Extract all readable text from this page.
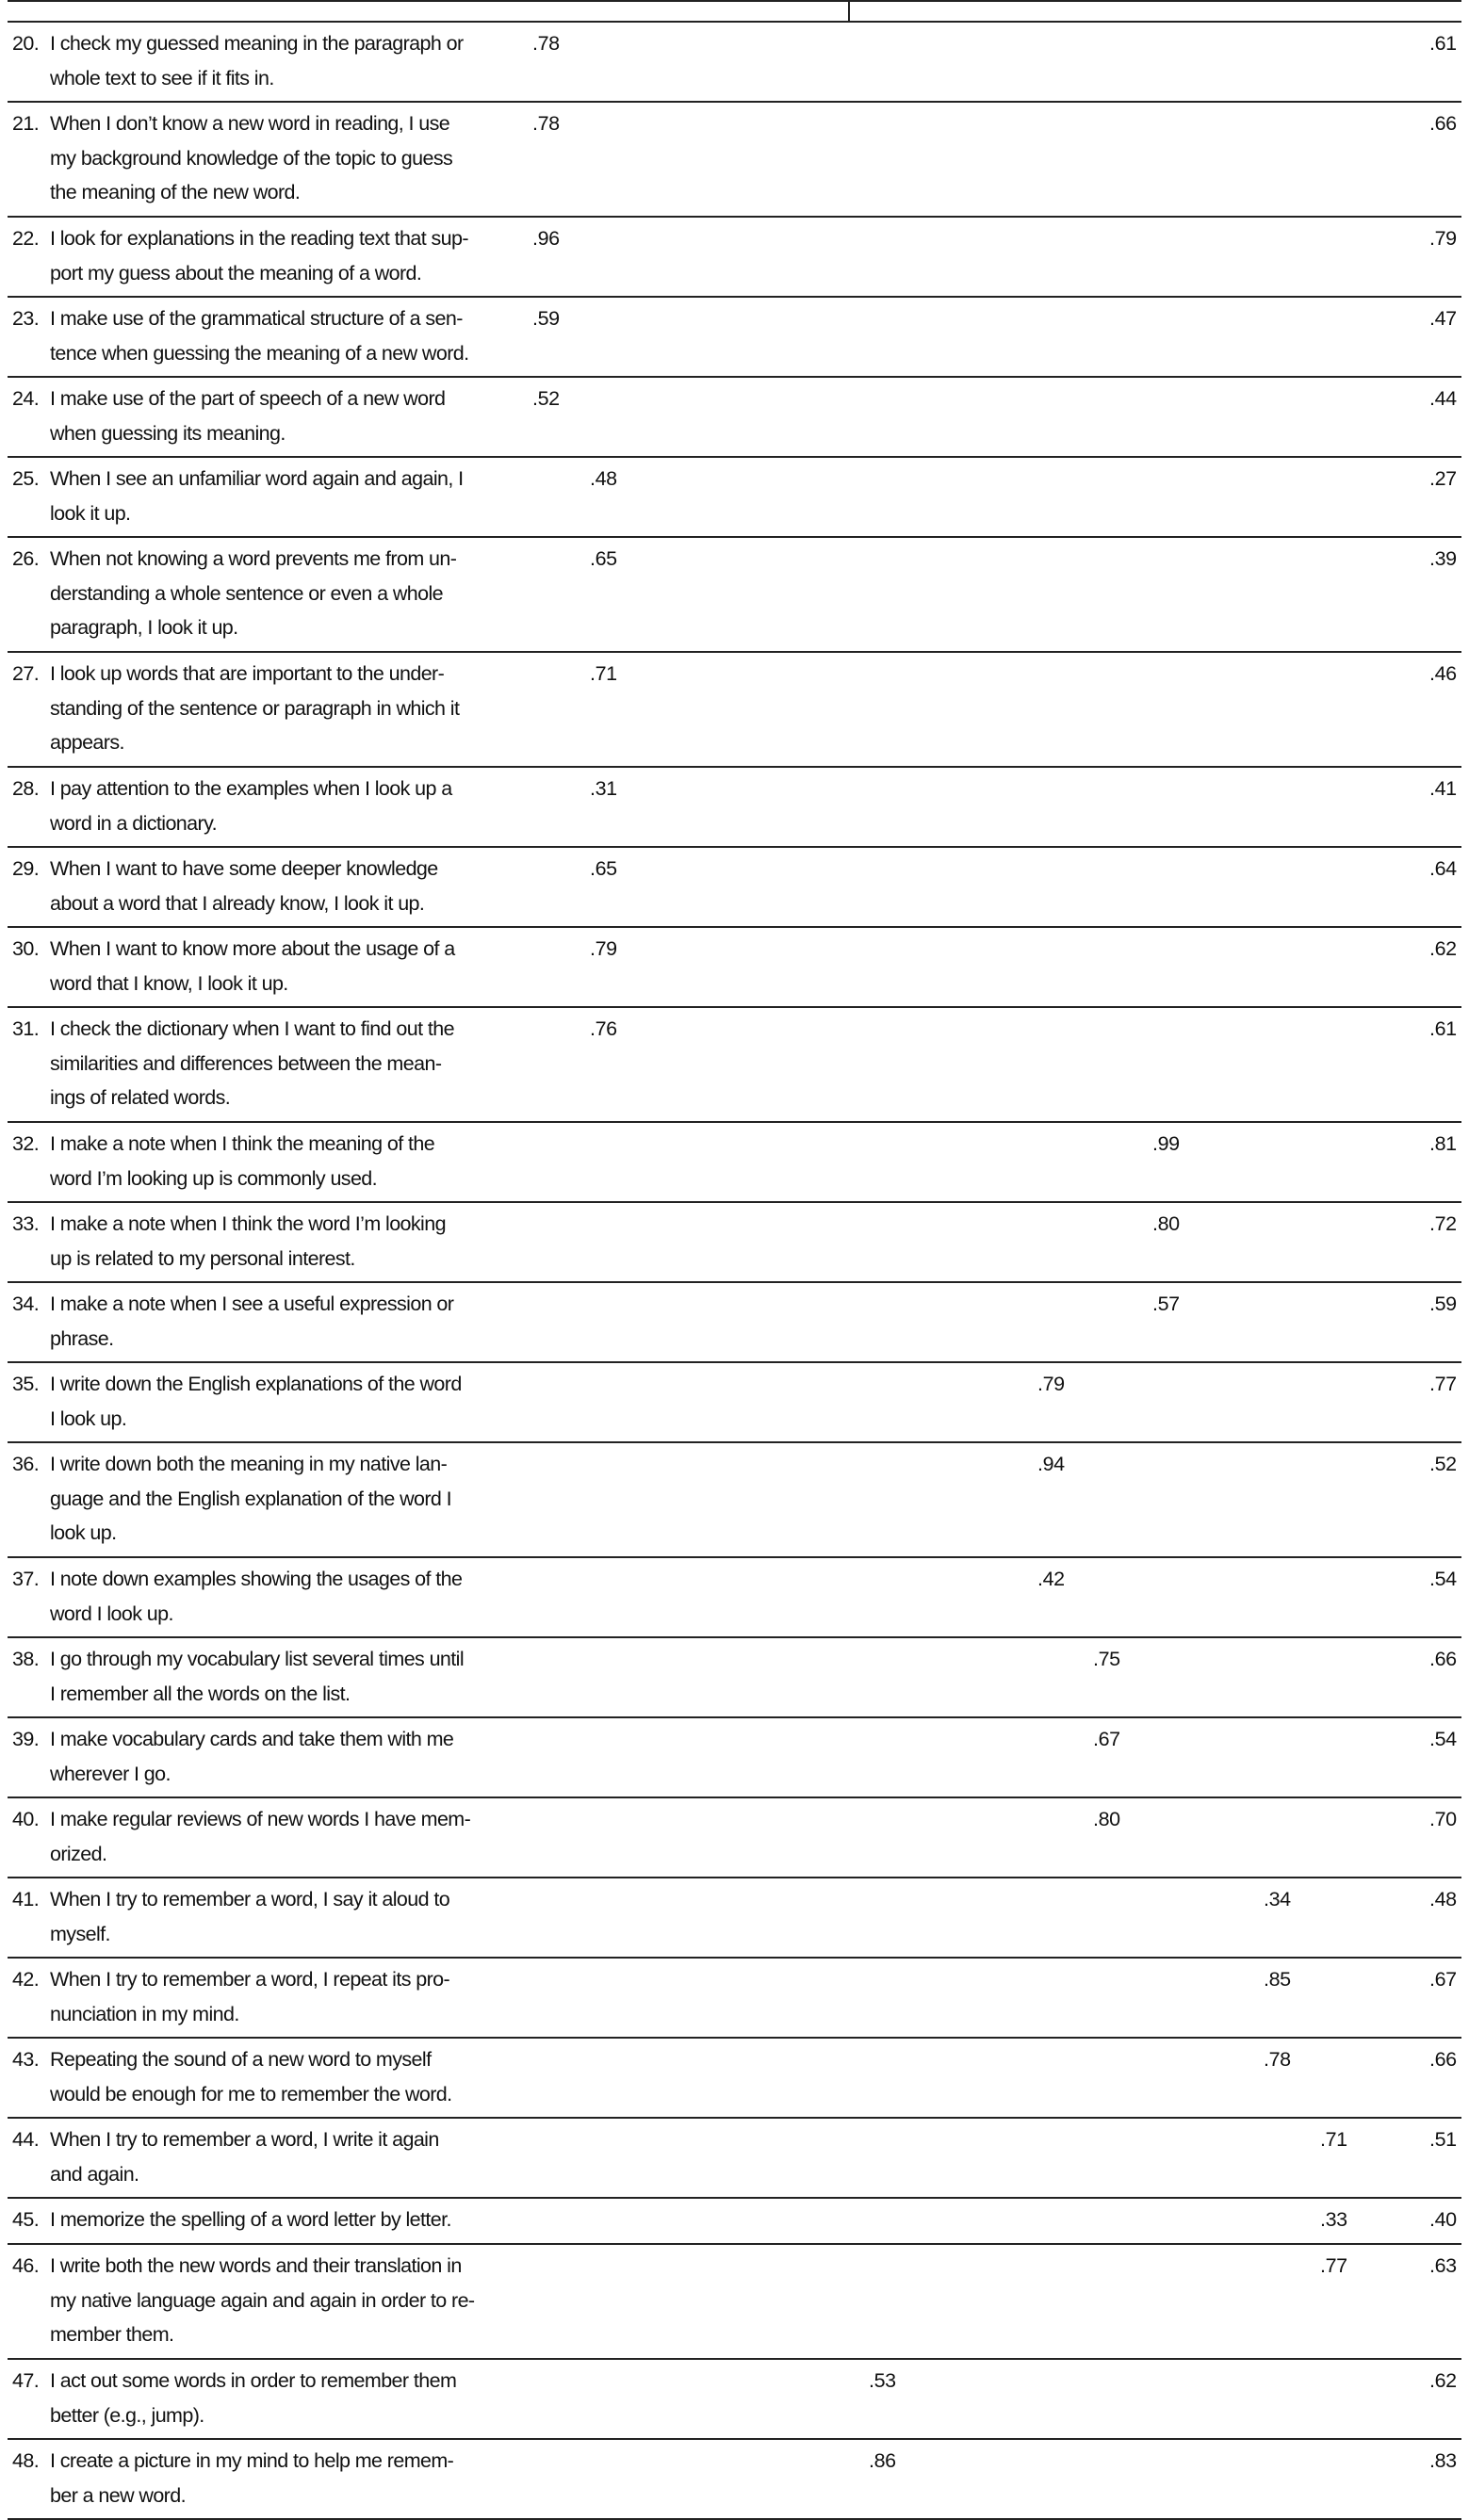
20. I check my guessed meaning in the paragraph or
whole text to see if it fits in.
.78	.61
21. When I don’t know a new word in reading, I use
my background knowledge of the topic to guess
the meaning of the new word.
.78	.66
22. I look for explanations in the reading text that sup-
port my guess about the meaning of a word.
.96	.79
23. I make use of the grammatical structure of a sen-
tence when guessing the meaning of a new word.
.59	.47
24. I make use of the part of speech of a new word
when guessing its meaning.
.52	.44
25. When I see an unfamiliar word again and again, I
look it up.
.48	.27
26. When not knowing a word prevents me from un-
derstanding a whole sentence or even a whole
paragraph, I look it up.
.65	.39
27. I look up words that are important to the under-
standing of the sentence or paragraph in which it
appears.
.71	.46
28. I pay attention to the examples when I look up a
word in a dictionary.
.31	.41
29. When I want to have some deeper knowledge
about a word that I already know, I look it up.
.65	.64
30. When I want to know more about the usage of a
word that I know, I look it up.
.79	.62
31. I check the dictionary when I want to find out the
similarities and differences between the mean-
ings of related words.
.76	.61
32. I make a note when I think the meaning of the
word I’m looking up is commonly used.
.99	.81
33. I make a note when I think the word I’m looking
up is related to my personal interest.
.80	.72
34. I make a note when I see a useful expression or
phrase.
.57	.59
35. I write down the English explanations of the word
I look up.
.79	.77
36. I write down both the meaning in my native lan-
guage and the English explanation of the word I
look up.
.94	.52
37. I note down examples showing the usages of the
word I look up.
.42	.54
38. I go through my vocabulary list several times until
I remember all the words on the list.
.75	.66
39. I make vocabulary cards and take them with me
wherever I go.
.67	.54
40. I make regular reviews of new words I have mem-
orized.
.80	.70
41. When I try to remember a word, I say it aloud to
myself.
.34	.48
42. When I try to remember a word, I repeat its pro-
nunciation in my mind.
.85	.67
43. Repeating the sound of a new word to myself
would be enough for me to remember the word.
.78	.66
44. When I try to remember a word, I write it again
and again.
.71	.51
45. I memorize the spelling of a word letter by letter.	.33	.40
46. I write both the new words and their translation in
my native language again and again in order to re-
member them.
.77	.63
47. I act out some words in order to remember them
better (e.g., jump).
.53	.62
48. I create a picture in my mind to help me remem-
ber a new word.
.86	.83
